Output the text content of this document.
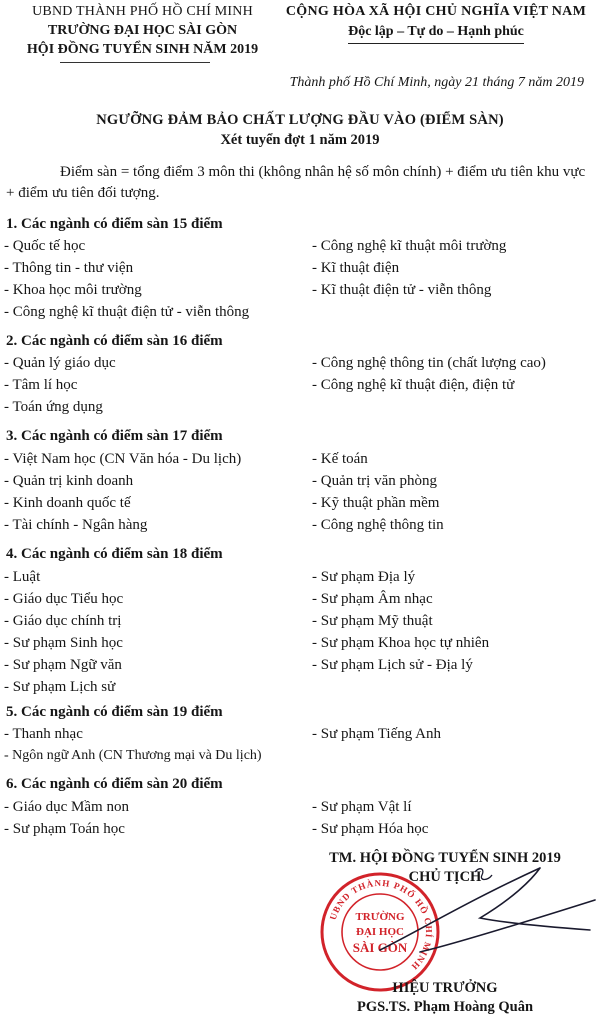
UBND THÀNH PHỐ HỒ CHÍ MINH
TRƯỜNG ĐẠI HỌC SÀI GÒN
HỘI ĐỒNG TUYỂN SINH NĂM 2019
CỘNG HÒA XÃ HỘI CHỦ NGHĨA VIỆT NAM
Độc lập – Tự do – Hạnh phúc
Thành phố Hồ Chí Minh, ngày 21 tháng 7 năm 2019
NGƯỠNG ĐẢM BẢO CHẤT LƯỢNG ĐẦU VÀO (ĐIỂM SÀN)
Xét tuyển đợt 1 năm 2019
Điểm sàn = tổng điểm 3 môn thi (không nhân hệ số môn chính) + điểm ưu tiên khu vực + điểm ưu tiên đối tượng.
1. Các ngành có điểm sàn 15 điểm
- Quốc tế học
- Thông tin - thư viện
- Khoa học môi trường
- Công nghệ kĩ thuật điện tử - viễn thông
- Công nghệ kĩ thuật môi trường
- Kĩ thuật điện
- Kĩ thuật điện tử - viễn thông
2. Các ngành có điểm sàn 16 điểm
- Quản lý giáo dục
- Tâm lí học
- Toán ứng dụng
- Công nghệ thông tin (chất lượng cao)
- Công nghệ kĩ thuật điện, điện tử
3. Các ngành có điểm sàn 17 điểm
- Việt Nam học (CN Văn hóa - Du lịch)
- Quản trị kinh doanh
- Kinh doanh quốc tế
- Tài chính - Ngân hàng
- Kế toán
- Quản trị văn phòng
- Kỹ thuật phần mềm
- Công nghệ thông tin
4. Các ngành có điểm sàn 18 điểm
- Luật
- Giáo dục Tiểu học
- Giáo dục chính trị
- Sư phạm Sinh học
- Sư phạm Ngữ văn
- Sư phạm Lịch sử
- Sư phạm Địa lý
- Sư phạm Âm nhạc
- Sư phạm Mỹ thuật
- Sư phạm Khoa học tự nhiên
- Sư phạm Lịch sử - Địa lý
5. Các ngành có điểm sàn 19 điểm
- Thanh nhạc
- Ngôn ngữ Anh (CN Thương mại và Du lịch)
- Sư phạm Tiếng Anh
6. Các ngành có điểm sàn 20 điểm
- Giáo dục Mầm non
- Sư phạm Toán học
- Sư phạm Vật lí
- Sư phạm Hóa học
TM. HỘI ĐỒNG TUYỂN SINH 2019
CHỦ TỊCH
UBND THÀNH PHỐ HỒ CHÍ MINH
TRƯỜNG
ĐẠI HỌC
SÀI GÒN
HIỆU TRƯỞNG
PGS.TS. Phạm Hoàng Quân
